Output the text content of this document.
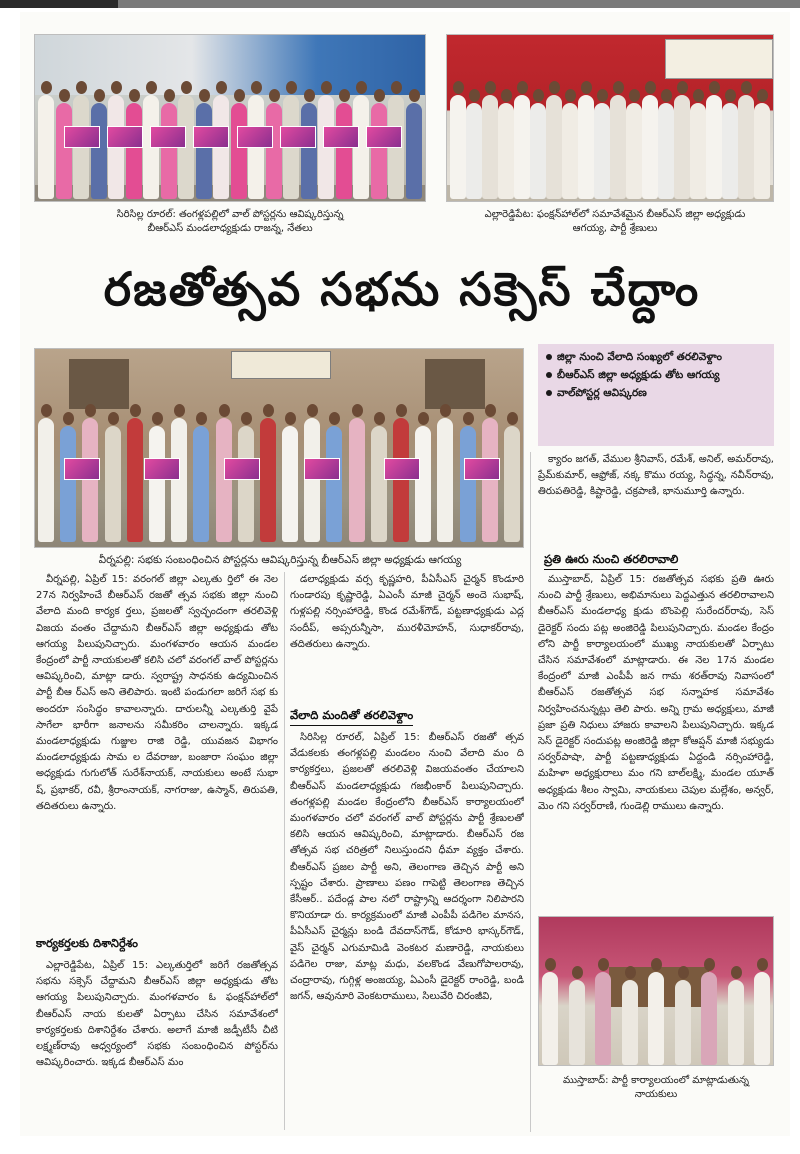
సిరిసిల్ల రూరల్‌: తంగళ్లపల్లిలో వాల్‌ పోస్టర్లను ఆవిష్కరిస్తున్న బీఆర్‌ఎస్‌ మండలాధ్యక్షుడు రాజన్న, నేతలు
ఎల్లారెడ్డిపేట: ఫంక్షన్‌హాల్‌లో సమావేశమైన బీఆర్‌ఎస్‌ జిల్లా అధ్యక్షుడు ఆగయ్య, పార్టీ శ్రేణులు
రజతోత్సవ సభను సక్సెస్‌ చేద్దాం
వీర్నపల్లి: సభకు సంబంధించిన పోస్టర్లను ఆవిష్కరిస్తున్న బీఆర్‌ఎస్‌ జిల్లా అధ్యక్షుడు ఆగయ్య
జిల్లా నుంచి వేలాది సంఖ్యలో తరలివెళ్దాం
బీఆర్‌ఎస్‌ జిల్లా అధ్యక్షుడు తోట ఆగయ్య
వాల్‌పోస్టర్ల ఆవిష్కరణ

వీర్నపల్లి, ఏప్రిల్‌ 15: వరంగల్‌ జిల్లా ఎల్కతు ర్తిలో ఈ నెల 27న నిర్వహించే బీఆర్‌ఎస్‌ రజతో త్సవ సభకు జిల్లా నుంచి వేలాది మంది కార్యక ర్తలు, ప్రజలతో స్వచ్ఛందంగా తరలివెళ్లి విజయ వంతం చేద్దామని బీఆర్‌ఎస్‌ జిల్లా అధ్యక్షుడు తోట ఆగయ్య పిలుపునిచ్చారు. మంగళవారం ఆయన మండల కేంద్రంలో పార్టీ నాయకులతో కలిసి చలో వరంగల్‌ వాల్‌ పోస్టర్లను ఆవిష్కరించి, మాట్లా డారు. స్వరాష్ట్ర సాధనకు ఉద్యమించిన పార్టీ బీఆ ర్‌ఎస్‌ అని తెలిపారు. ఇంటి పండుగలా జరిగే సభ కు అందరూ సంసిద్ధం కావాలన్నారు. దారులన్నీ ఎల్కతుర్తి వైపే సాగేలా భారీగా జనాలను సమీకరిం చాలన్నారు. ఇక్కడ మండలాధ్యక్షుడు గుజ్జుల రాజి రెడ్డి, యువజన విభాగం మండలాధ్యక్షుడు సామ ల దేవరాజు, బంజారా సంఘం జిల్లా అధ్యక్షుడు గుగులోత్‌ సురేశ్‌నాయక్‌, నాయకులు అంటే సుభా ష్‌, ప్రభాకర్‌, రవీ, శ్రీరాంనాయక్‌, నాగరాజు, ఉస్మాన్‌, తిరుపతి, తదితరులు ఉన్నారు.

కార్యకర్తలకు దిశానిర్దేశం

ఎల్లారెడ్డిపేట, ఏప్రిల్‌ 15: ఎల్కతుర్తిలో జరిగే రజతోత్సవ సభను సక్సెస్‌ చేద్దామని బీఆర్‌ఎస్‌ జిల్లా అధ్యక్షుడు తోట ఆగయ్య పిలుపునిచ్చారు. మంగళవారం ఓ ఫంక్షన్‌హాల్‌లో బీఆర్‌ఎస్‌ నాయ కులతో ఏర్పాటు చేసిన సమావేశంలో కార్యకర్తలకు దిశానిర్దేశం చేశారు. అలాగే మాజీ జడ్పీటీసీ చీటి లక్ష్మణ్‌రావు ఆధ్వర్యంలో సభకు సంబంధించిన పోస్టర్‌ను ఆవిష్కరించారు. ఇక్కడ బీఆర్‌ఎస్‌ మం

డలాధ్యక్షుడు వర్స కృష్ణహరి, పీఏసీఎస్‌ చైర్మన్‌ కొండూరి గుండారపు కృష్ణారెడ్డి, ఏఎంసీ మాజీ చైర్మన్‌ అందె సుభాష్‌, గుళ్లపల్లి నర్సింహారెడ్డి, కొండ రమేశ్‌గౌడ్‌, పట్టణాధ్యక్షుడు ఎద్ల సందీప్‌, అప్సరున్నీసా, మురళీమోహన్‌, సుధాకర్‌రావు, తదితరులు ఉన్నారు.

వేలాది మందితో తరలివెళ్దాం

సిరిసిల్ల రూరల్‌, ఏప్రిల్‌ 15: బీఆర్‌ఎస్‌ రజతో త్సవ వేడుకలకు తంగళ్లపల్లి మండలం నుంచి వేలాది మం ది కార్యకర్తలు, ప్రజలతో తరలివెళ్లి విజయవంతం చేయాలని బీఆర్‌ఎస్‌ మండలాధ్యక్షుడు గజభీంకార్‌ పిలుపునిచ్చారు. తంగళ్లపల్లి మండల కేంద్రంలోని బీఆర్‌ఎస్‌ కార్యాలయంలో మంగళవారం చలో వరంగల్‌ వాల్‌ పోస్టర్లను పార్టీ శ్రేణులతో కలిసి ఆయన ఆవిష్కరించి, మాట్లాడారు. బీఆర్‌ఎస్‌ రజ తోత్సవ సభ చరిత్రలో నిలుస్తుందని ధీమా వ్యక్తం చేశారు. బీఆర్‌ఎస్‌ ప్రజల పార్టీ అని, తెలంగాణ తెచ్చిన పార్టీ అని స్పష్టం చేశారు. ప్రాణాలు పణం గాపెట్టి తెలంగాణ తెచ్చిన కేసీఆర్‌.. పదేండ్ల పాల నలో రాష్ట్రాన్ని ఆదర్శంగా నిలిపారని కొనియాడా రు. కార్యక్రమంలో మాజీ ఎంపీపీ పడిగెల మానస, పీఏసీఎస్‌ చైర్మన్లు బండి దేవదాస్‌గౌడ్‌, కోడూరి భాస్కర్‌గౌడ్‌, వైస్‌ చైర్మన్‌ ఎగుమామిడి వెంకటర మణారెడ్డి, నాయకులు పడిగెల రాజు, మాట్ల మధు, వలకొండ వేణుగోపాలరావు, చంద్రారావు, గుగ్గిళ్ల అంజయ్య, ఏఎంసీ డైరెక్టర్‌ రాంరెడ్డి, బండి జగన్‌, ఆవునూరి వెంకటరాములు, సిలువేరి చిరంజీవి,

క్యారం జగత్‌, వేముల శ్రీనివాస్‌, రమేశ్‌, అనిల్‌, అమర్‌రావు, ప్రేమ్‌కుమార్‌, ఆఫ్రోజ్‌, నక్క కొము రయ్య, సిద్ధన్న, నవీన్‌రావు, తిరుపతిరెడ్డి, కిష్టారెడ్డి, చక్రపాణి, భానుమూర్తి ఉన్నారు.

ప్రతి ఊరు నుంచి తరలిరావాలి

ముస్తాబాద్‌, ఏప్రిల్‌ 15: రజతోత్సవ సభకు ప్రతి ఊరు నుంచి పార్టీ శ్రేణులు, అభిమానులు పెద్దఎత్తున తరలిరావాలని బీఆర్‌ఎస్‌ మండలాధ్య క్షుడు బొంపెల్లి సురేందర్‌రావు, సెస్‌ డైరెక్టర్‌ సందు పట్ల అంజిరెడ్డి పిలుపునిచ్చారు. మండల కేంద్రం లోని పార్టీ కార్యాలయంలో ముఖ్య నాయకులతో ఏర్పాటు చేసిన సమావేశంలో మాట్లాడారు. ఈ నెల 17న మండల కేంద్రంలో మాజీ ఎంపీపీ జన గామ శరత్‌రావు నివాసంలో బీఆర్‌ఎస్‌ రజతోత్సవ సభ సన్నాహక సమావేశం నిర్వహించనున్నట్లు తెలి పారు. అన్ని గ్రామ అధ్యక్షులు, మాజీ ప్రజా ప్రతి నిధులు హాజరు కావాలని పిలుపునిచ్చారు. ఇక్కడ సెస్‌ డైరెక్టర్‌ సందుపట్ల అంజిరెడ్డి జిల్లా కోఆప్షన్‌ మాజీ సభ్యుడు సర్వర్‌పాషా, పార్టీ పట్టణాధ్యక్షుడు ఏద్దండి నర్సింహారెడ్డి, మహిళా అధ్యక్షురాలు మం గని బాల్‌లక్ష్మి, మండల యూత్‌ అధ్యక్షుడు శీలం స్వామి, నాయకులు చెపుల మల్లేశం, అన్వర్‌, మెం గని సర్వర్‌రాణి, గుండెల్లి రాములు ఉన్నారు.

ముస్తాబాద్‌: పార్టీ కార్యాలయంలో మాట్లాడుతున్న నాయకులు
